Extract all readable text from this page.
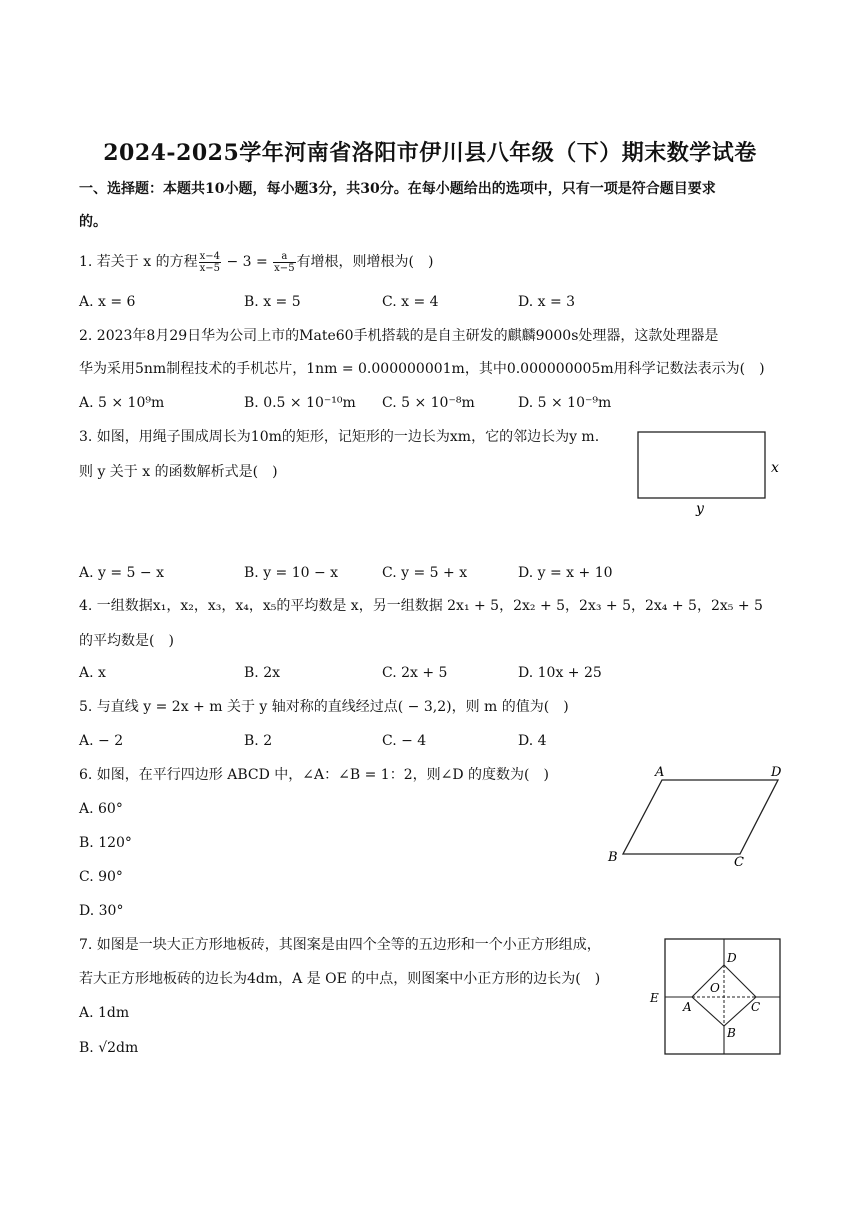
2024-2025学年河南省洛阳市伊川县八年级（下）期末数学试卷
一、选择题：本题共10小题，每小题3分，共30分。在每小题给出的选项中，只有一项是符合题目要求
的。
1. 若关于 x 的方程 $\frac{x-4}{x-5} - 3 = \frac{a}{x-5}$ 有增根，则增根为(　)
A. x = 6	B. x = 5	C. x = 4	D. x = 3
2. 2023年8月29日华为公司上市的Mate60手机搭载的是自主研发的麒麟9000s处理器，这款处理器是
华为采用5nm制程技术的手机芯片，1nm = 0.000000001m，其中0.000000005m用科学记数法表示为(　)
A. 5 × 10⁹m	B. 0.5 × 10⁻¹⁰m C. 5 × 10⁻⁸m	D. 5 × 10⁻⁹m
3. 如图，用绳子围成周长为10m的矩形，记矩形的一边长为xm，它的邻边长为y m.
则 y 关于 x 的函数解析式是(　)	x
y
A. y = 5 − x	B. y = 10 − x	C. y = 5 + x	D. y = x + 10
4. 一组数据x₁，x₂，x₃，x₄，x₅的平均数是 x，另一组数据 2x₁ + 5，2x₂ + 5，2x₃ + 5，2x₄ + 5，2x₅ + 5
的平均数是(　)
A. x	B. 2x	C. 2x + 5	D. 10x + 25
5. 与直线 y = 2x + m 关于 y 轴对称的直线经过点( − 3,2)，则 m 的值为(　)
A. − 2	B. 2	C. − 4	D. 4
6. 如图，在平行四边形 ABCD 中，∠A：∠B = 1：2，则∠D 的度数为(　)	A	D
B	C
A. 60°
B. 120°
C. 90°
D. 30°
7. 如图是一块大正方形地板砖，其图案是由四个全等的五边形和一个小正方形组成，
若大正方形地板砖的边长为4dm，A 是 OE 的中点，则图案中小正方形的边长为(　)
D
O
E
A	C
B
A. 1dm
B. √2dm
